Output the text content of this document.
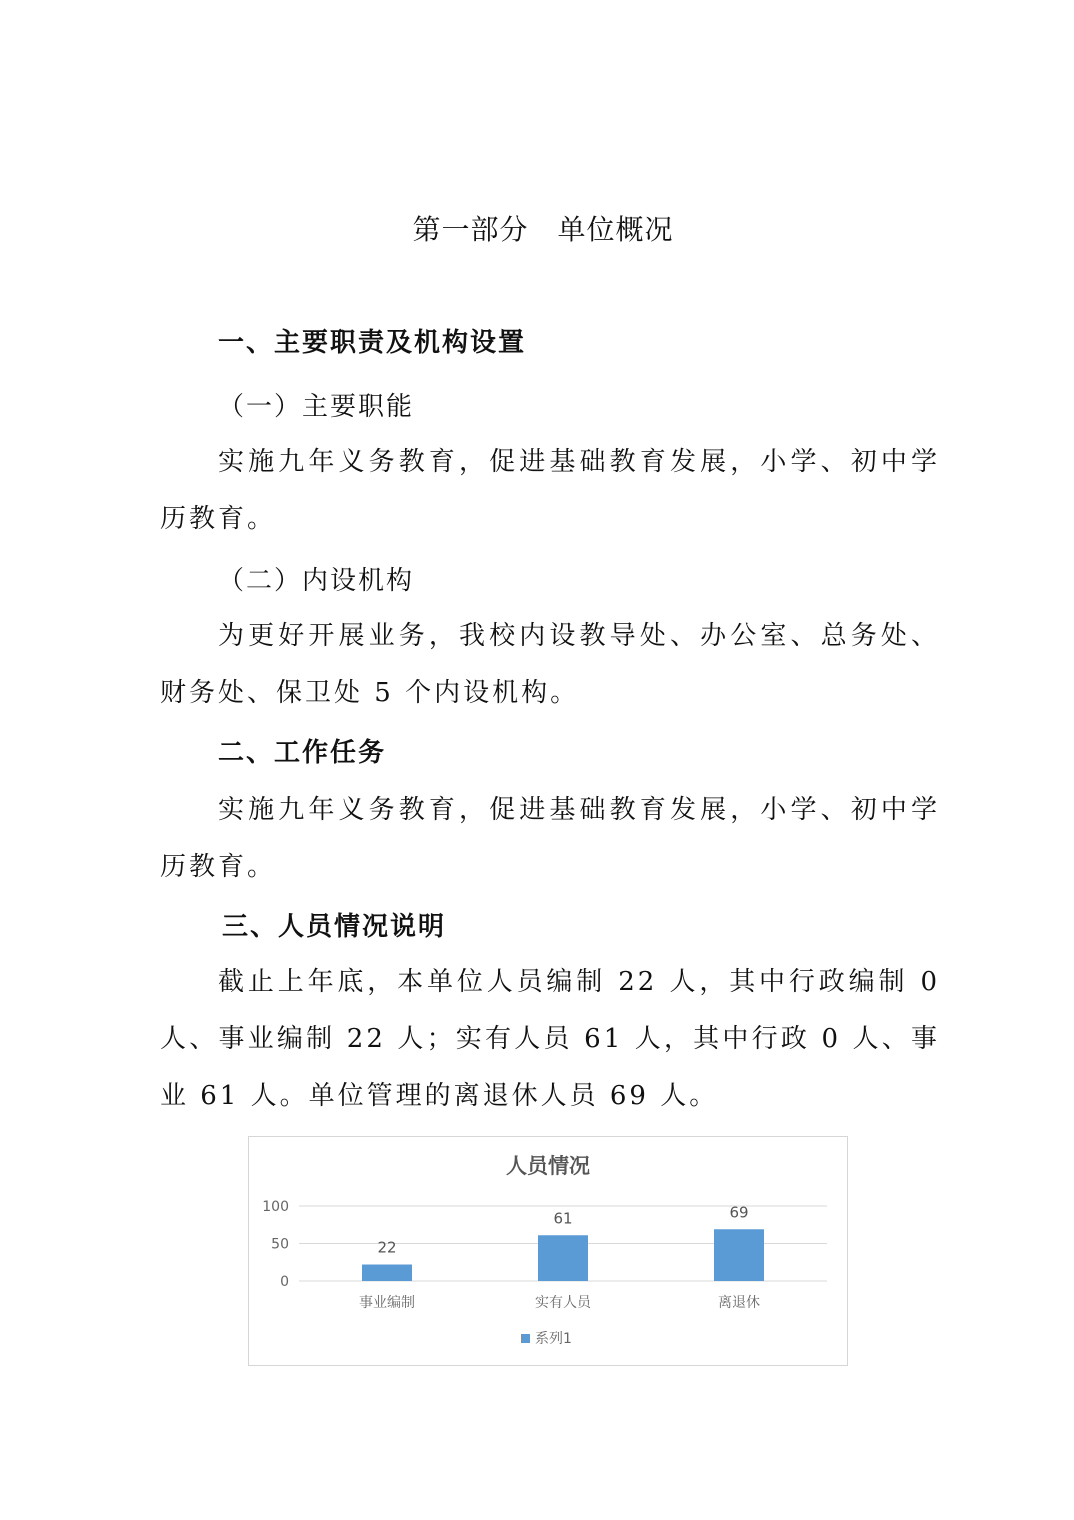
第一部分　单位概况
一、主要职责及机构设置
（一）主要职能

实施九年义务教育，促进基础教育发展，小学、初中学历教育。

（二）内设机构

为更好开展业务，我校内设教导处、办公室、总务处、财务处、保卫处 5 个内设机构。

二、工作任务

实施九年义务教育，促进基础教育发展，小学、初中学历教育。

三、人员情况说明

截止上年底，本单位人员编制 22 人，其中行政编制 0 人、事业编制 22 人；实有人员 61 人，其中行政 0 人、事业 61 人。单位管理的离退休人员 69 人。

人员情况
0
50
100
22
61	69
事业编制	实有人员	离退休
系列1
